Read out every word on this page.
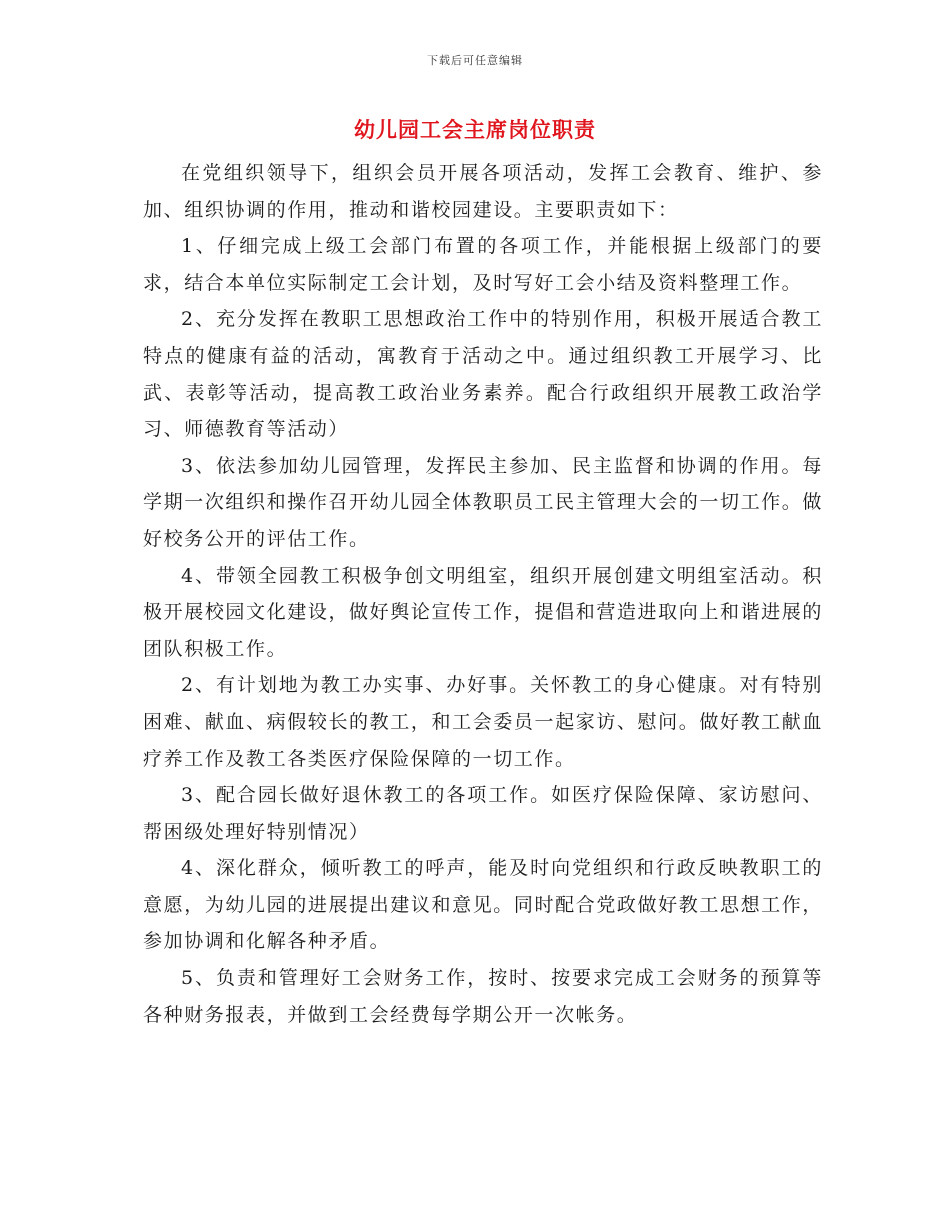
下载后可任意编辑
幼儿园工会主席岗位职责

在党组织领导下，组织会员开展各项活动，发挥工会教育、维护、参加、组织协调的作用，推动和谐校园建设。主要职责如下：

1、仔细完成上级工会部门布置的各项工作，并能根据上级部门的要求，结合本单位实际制定工会计划，及时写好工会小结及资料整理工作。

2、充分发挥在教职工思想政治工作中的特别作用，积极开展适合教工特点的健康有益的活动，寓教育于活动之中。通过组织教工开展学习、比武、表彰等活动，提高教工政治业务素养。配合行政组织开展教工政治学习、师德教育等活动）

3、依法参加幼儿园管理，发挥民主参加、民主监督和协调的作用。每学期一次组织和操作召开幼儿园全体教职员工民主管理大会的一切工作。做好校务公开的评估工作。

4、带领全园教工积极争创文明组室，组织开展创建文明组室活动。积极开展校园文化建设，做好舆论宣传工作，提倡和营造进取向上和谐进展的团队积极工作。

2、有计划地为教工办实事、办好事。关怀教工的身心健康。对有特别困难、献血、病假较长的教工，和工会委员一起家访、慰问。做好教工献血疗养工作及教工各类医疗保险保障的一切工作。

3、配合园长做好退休教工的各项工作。如医疗保险保障、家访慰问、帮困级处理好特别情况）

4、深化群众，倾听教工的呼声，能及时向党组织和行政反映教职工的意愿，为幼儿园的进展提出建议和意见。同时配合党政做好教工思想工作，参加协调和化解各种矛盾。

5、负责和管理好工会财务工作，按时、按要求完成工会财务的预算等各种财务报表，并做到工会经费每学期公开一次帐务。
